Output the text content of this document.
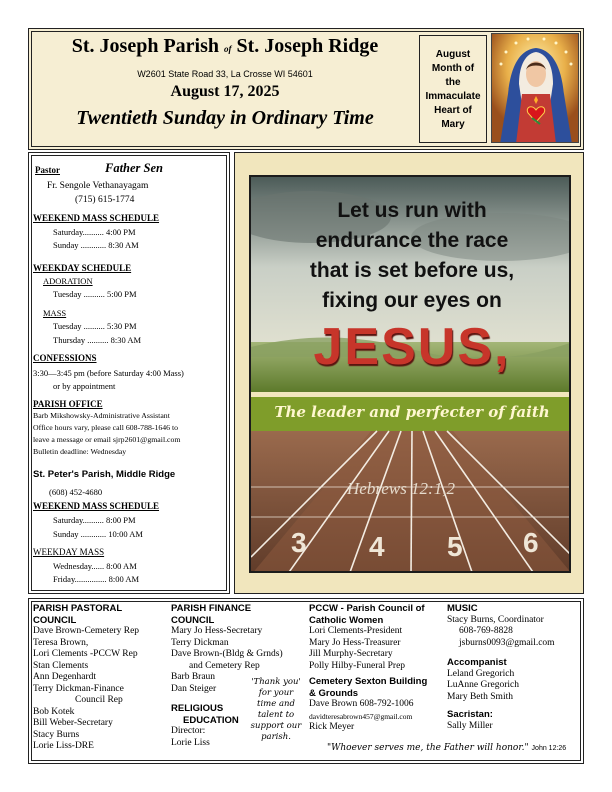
St. Joseph Parish of St. Joseph Ridge
W2601 State Road 33, La Crosse WI 54601
August 17, 2025
Twentieth Sunday in Ordinary Time
August
Month of
the
Immaculate
Heart of
Mary
Pastor	Father Sen
Fr. Sengole Vethanayagam
(715) 615-1774
WEEKEND MASS SCHEDULE
Saturday.......... 4:00 PM
Sunday ............ 8:30 AM
WEEKDAY SCHEDULE
ADORATION
Tuesday .......... 5:00 PM
MASS
Tuesday .......... 5:30 PM
Thursday .......... 8:30 AM
CONFESSIONS
3:30—3:45 pm (before Saturday 4:00 Mass)
or by appointment
PARISH OFFICE
Barb Mikshowsky-Administrative Assistant
Office hours vary, please call 608-788-1646 to
leave a message or email sjrp2601@gmail.com
Bulletin deadline: Wednesday
St. Peter's Parish, Middle Ridge
(608) 452-4680
WEEKEND MASS SCHEDULE
Saturday.......... 8:00 PM
Sunday ............ 10:00 AM
WEEKDAY MASS
Wednesday...... 8:00 AM
Friday............... 8:00 AM
Let us run with
endurance the race
that is set before us,
fixing our eyes on
JESUS,
The leader and perfecter of faith
Hebrews 12:1,2
3 4 5 6
PARISH PASTORAL
COUNCIL
Dave Brown-Cemetery Rep
Teresa Brown,
Lori Clements -PCCW Rep
Stan Clements
Ann Degenhardt
Terry Dickman-Finance
Council Rep
Bob Kotek
Bill Weber-Secretary
Stacy Burns
Lorie Liss-DRE
PARISH FINANCE
COUNCIL
Mary Jo Hess-Secretary
Terry Dickman
Dave Brown-(Bldg & Grnds)
and Cemetery Rep
Barb Braun
Dan Steiger
RELIGIOUS
EDUCATION
Director:
Lorie Liss
'Thank you'
for your
time and
talent to
support our
parish.
PCCW - Parish Council of
Catholic Women
Lori Clements-President
Mary Jo Hess-Treasurer
Jill Murphy-Secretary
Polly Hilby-Funeral Prep
Cemetery Sexton Building
& Grounds
Dave Brown 608-792-1006
davidteresabrown457@gmail.com
Rick Meyer
MUSIC
Stacy Burns, Coordinator
608-769-8828
jsburns0093@gmail.com
Accompanist
Leland Gregorich
LuAnne Gregorich
Mary Beth Smith
Sacristan:
Sally Miller
"Whoever serves me, the Father will honor." John 12:26
